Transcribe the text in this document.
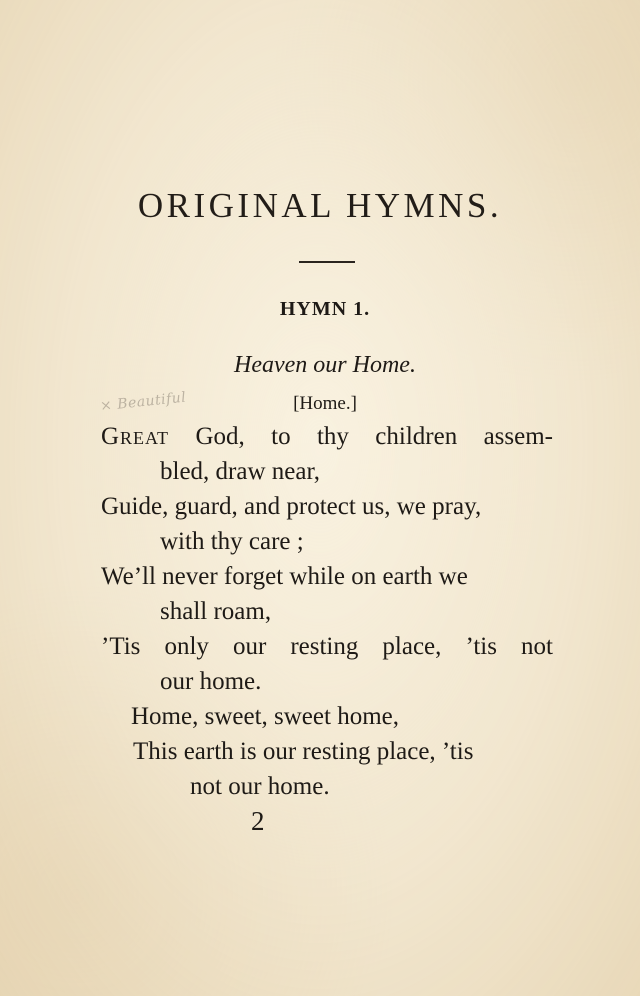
ORIGINAL HYMNS.
HYMN 1.
Heaven our Home.
× Beautiful	[Home.]
Great God, to thy children assem-
bled, draw near,
Guide, guard, and protect us, we pray,
with thy care ;
We’ll never forget while on earth we
shall roam,
’Tis only our resting place, ’tis not
our home.
Home, sweet, sweet home,
This earth is our resting place, ’tis
not our home.
2
